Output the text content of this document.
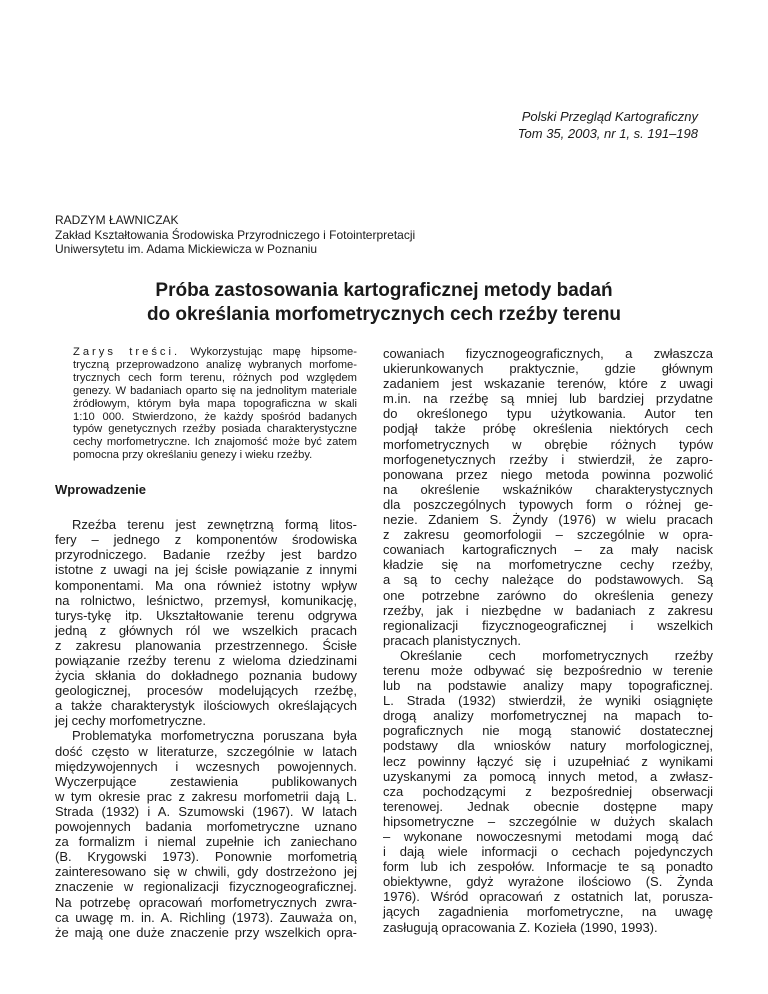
Polski Przegląd Kartograficzny
Tom 35, 2003, nr 1, s. 191–198
RADZYM ŁAWNICZAK
Zakład Kształtowania Środowiska Przyrodniczego i Fotointerpretacji
Uniwersytetu im. Adama Mickiewicza w Poznaniu
Próba zastosowania kartograficznej metody badań
do określania morfometrycznych cech rzeźby terenu
Zarys treści. Wykorzystując mapę hipsome-
tryczną przeprowadzono analizę wybranych morfome-
trycznych cech form terenu, różnych pod względem
genezy. W badaniach oparto się na jednolitym materiale
źródłowym, którym była mapa topograficzna w skali
1:10 000. Stwierdzono, że każdy spośród badanych
typów genetycznych rzeźby posiada charakterystyczne
cechy morfometryczne. Ich znajomość może być zatem
pomocna przy określaniu genezy i wieku rzeźby.
Wprowadzenie
Rzeźba terenu jest zewnętrzną formą litos-
fery – jednego z komponentów środowiska
przyrodniczego. Badanie rzeźby jest bardzo
istotne z uwagi na jej ścisłe powiązanie z innymi
komponentami. Ma ona również istotny wpływ
na rolnictwo, leśnictwo, przemysł, komunikację,
turys-tykę itp. Ukształtowanie terenu odgrywa
jedną z głównych ról we wszelkich pracach
z zakresu planowania przestrzennego. Ścisłe
powiązanie rzeźby terenu z wieloma dziedzinami
życia skłania do dokładnego poznania budowy
geologicznej, procesów modelujących rzeźbę,
a także charakterystyk ilościowych określających
jej cechy morfometryczne.
Problematyka morfometryczna poruszana była
dość często w literaturze, szczególnie w latach
międzywojennych i wczesnych powojennych.
Wyczerpujące zestawienia publikowanych
w tym okresie prac z zakresu morfometrii dają L.
Strada (1932) i A. Szumowski (1967). W latach
powojennych badania morfometryczne uznano
za formalizm i niemal zupełnie ich zaniechano
(B. Krygowski 1973). Ponownie morfometrią
zainteresowano się w chwili, gdy dostrzeżono jej
znaczenie w regionalizacji fizycznogeograficznej.
Na potrzebę opracowań morfometrycznych zwra-
ca uwagę m. in. A. Richling (1973). Zauważa on,
że mają one duże znaczenie przy wszelkich opra-
cowaniach fizycznogeograficznych, a zwłaszcza
ukierunkowanych praktycznie, gdzie głównym
zadaniem jest wskazanie terenów, które z uwagi
m.in. na rzeźbę są mniej lub bardziej przydatne
do określonego typu użytkowania. Autor ten
podjął także próbę określenia niektórych cech
morfometrycznych w obrębie różnych typów
morfogenetycznych rzeźby i stwierdził, że zapro-
ponowana przez niego metoda powinna pozwolić
na określenie wskaźników charakterystycznych
dla poszczególnych typowych form o różnej ge-
nezie. Zdaniem S. Żyndy (1976) w wielu pracach
z zakresu geomorfologii – szczególnie w opra-
cowaniach kartograficznych – za mały nacisk
kładzie się na morfometryczne cechy rzeźby,
a są to cechy należące do podstawowych. Są
one potrzebne zarówno do określenia genezy
rzeźby, jak i niezbędne w badaniach z zakresu
regionalizacji fizycznogeograficznej i wszelkich
pracach planistycznych.
Określanie cech morfometrycznych rzeźby
terenu może odbywać się bezpośrednio w terenie
lub na podstawie analizy mapy topograficznej.
L. Strada (1932) stwierdził, że wyniki osiągnięte
drogą analizy morfometrycznej na mapach to-
pograficznych nie mogą stanowić dostatecznej
podstawy dla wniosków natury morfologicznej,
lecz powinny łączyć się i uzupełniać z wynikami
uzyskanymi za pomocą innych metod, a zwłasz-
cza pochodzącymi z bezpośredniej obserwacji
terenowej. Jednak obecnie dostępne mapy
hipsometryczne – szczególnie w dużych skalach
– wykonane nowoczesnymi metodami mogą dać
i dają wiele informacji o cechach pojedynczych
form lub ich zespołów. Informacje te są ponadto
obiektywne, gdyż wyrażone ilościowo (S. Żynda
1976). Wśród opracowań z ostatnich lat, porusza-
jących zagadnienia morfometryczne, na uwagę
zasługują opracowania Z. Kozieła (1990, 1993).
